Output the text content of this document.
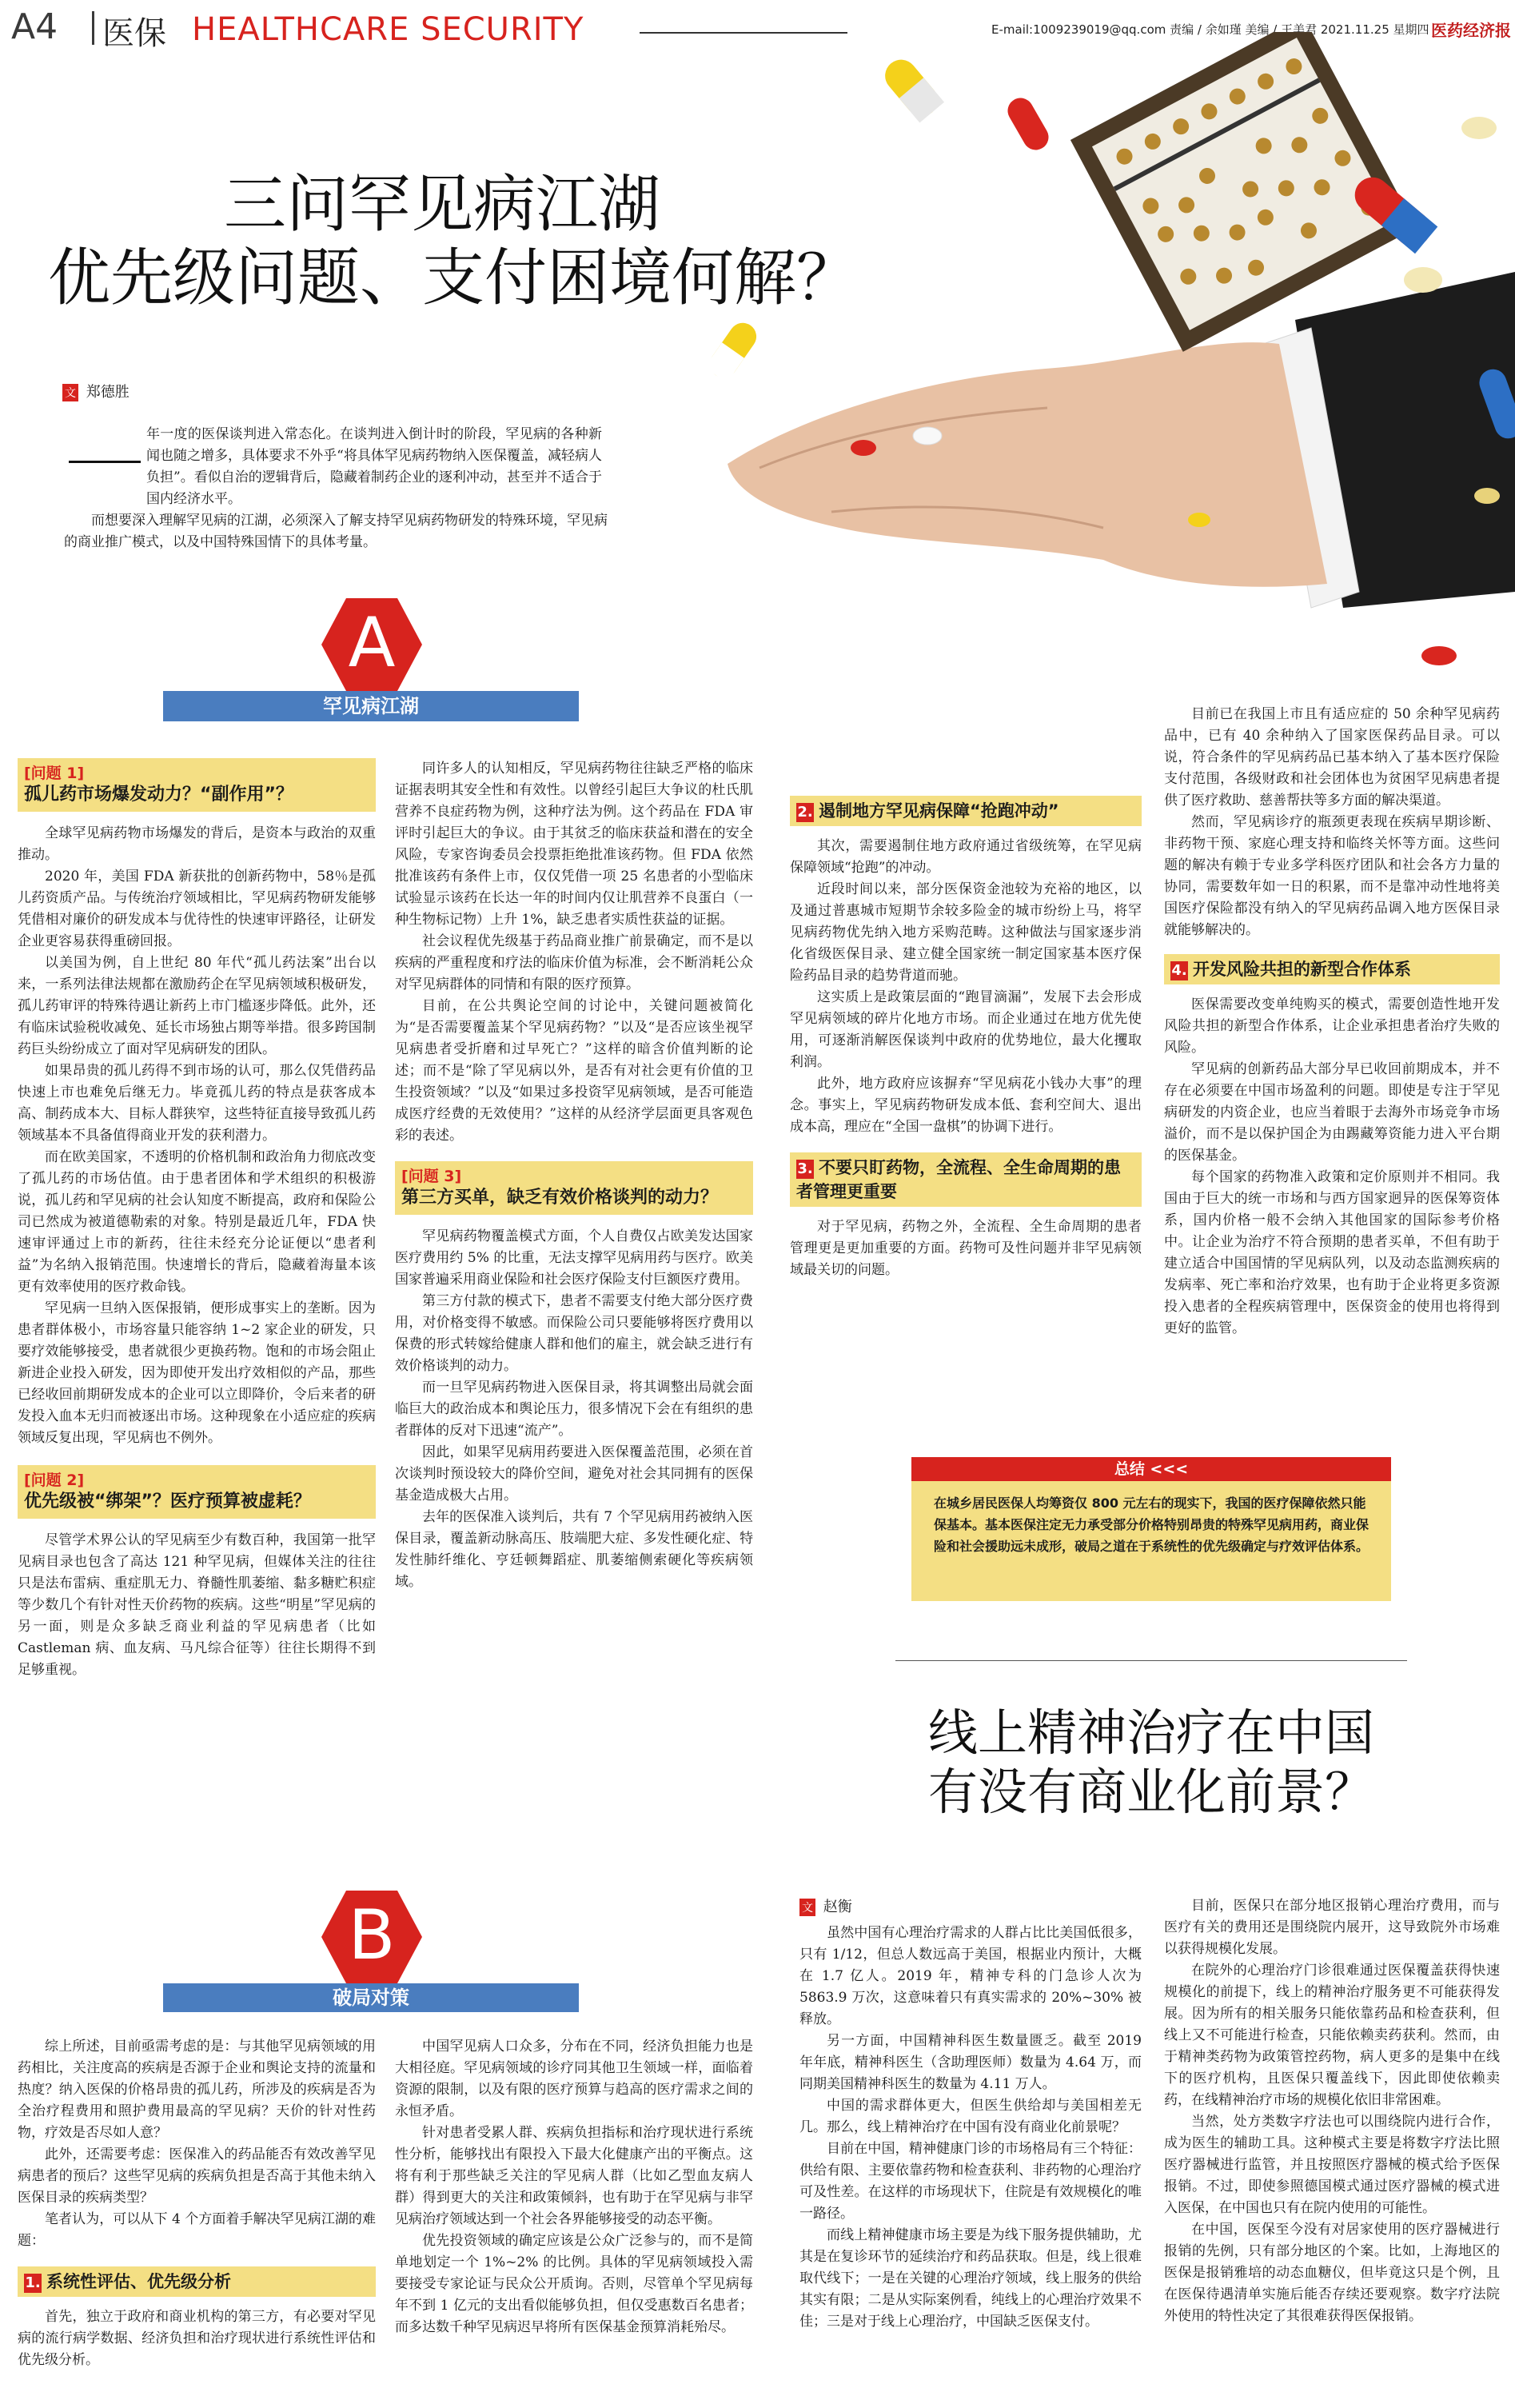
A4 医保 HEALTHCARE SECURITY	E-mail:1009239019@qq.com 责编 / 余如瑾 美编 / 王美君 2021.11.25 星期四 医药经济报
三问罕见病江湖
优先级问题、支付困境何解？
文 郑德胜

年一度的医保谈判进入常态化。在谈判进入倒计时的阶段，罕见病的各种新闻也随之增多，具体要求不外乎“将具体罕见病药物纳入医保覆盖，减轻病人负担”。看似自治的逻辑背后，隐藏着制药企业的逐利冲动，甚至并不适合于国内经济水平。

而想要深入理解罕见病的江湖，必须深入了解支持罕见病药物研发的特殊环境，罕见病的商业推广模式，以及中国特殊国情下的具体考量。

A
罕见病江湖
[问题 1]
孤儿药市场爆发动力？“副作用”？

全球罕见病药物市场爆发的背后，是资本与政治的双重推动。

2020 年，美国 FDA 新获批的创新药物中，58％是孤儿药资质产品。与传统治疗领域相比，罕见病药物研发能够凭借相对廉价的研发成本与优待性的快速审评路径，让研发企业更容易获得重磅回报。

以美国为例，自上世纪 80 年代“孤儿药法案”出台以来，一系列法律法规都在激励药企在罕见病领域积极研发，孤儿药审评的特殊待遇让新药上市门槛逐步降低。此外，还有临床试验税收减免、延长市场独占期等举措。很多跨国制药巨头纷纷成立了面对罕见病研发的团队。

如果昂贵的孤儿药得不到市场的认可，那么仅凭借药品快速上市也难免后继无力。毕竟孤儿药的特点是获客成本高、制药成本大、目标人群狭窄，这些特征直接导致孤儿药领域基本不具备值得商业开发的获利潜力。

而在欧美国家，不透明的价格机制和政治角力彻底改变了孤儿药的市场估值。由于患者团体和学术组织的积极游说，孤儿药和罕见病的社会认知度不断提高，政府和保险公司已然成为被道德勒索的对象。特别是最近几年，FDA 快速审评通过上市的新药，往往未经充分论证便以“患者利益”为名纳入报销范围。快速增长的背后，隐藏着海量本该更有效率使用的医疗救命钱。

罕见病一旦纳入医保报销，便形成事实上的垄断。因为患者群体极小，市场容量只能容纳 1~2 家企业的研发，只要疗效能够接受，患者就很少更换药物。饱和的市场会阻止新进企业投入研发，因为即使开发出疗效相似的产品，那些已经收回前期研发成本的企业可以立即降价，令后来者的研发投入血本无归而被逐出市场。这种现象在小适应症的疾病领域反复出现，罕见病也不例外。

[问题 2]
优先级被“绑架”？医疗预算被虚耗？

尽管学术界公认的罕见病至少有数百种，我国第一批罕见病目录也包含了高达 121 种罕见病，但媒体关注的往往只是法布雷病、重症肌无力、脊髓性肌萎缩、黏多糖贮积症等少数几个有针对性天价药物的疾病。这些“明星”罕见病的另一面，则是众多缺乏商业利益的罕见病患者（比如 Castleman 病、血友病、马凡综合征等）往往长期得不到足够重视。

同许多人的认知相反，罕见病药物往往缺乏严格的临床证据表明其安全性和有效性。以曾经引起巨大争议的杜氏肌营养不良症药物为例，这种疗法为例。这个药品在 FDA 审评时引起巨大的争议。由于其贫乏的临床获益和潜在的安全风险，专家咨询委员会投票拒绝批准该药物。但 FDA 依然批准该药有条件上市，仅仅凭借一项 25 名患者的小型临床试验显示该药在长达一年的时间内仅让肌营养不良蛋白（一种生物标记物）上升 1%，缺乏患者实质性获益的证据。

社会议程优先级基于药品商业推广前景确定，而不是以疾病的严重程度和疗法的临床价值为标准，会不断消耗公众对罕见病群体的同情和有限的医疗预算。

目前，在公共舆论空间的讨论中，关键问题被简化为“是否需要覆盖某个罕见病药物？”以及“是否应该坐视罕见病患者受折磨和过早死亡？”这样的暗含价值判断的论述；而不是“除了罕见病以外，是否有对社会更有价值的卫生投资领域？”以及“如果过多投资罕见病领域，是否可能造成医疗经费的无效使用？”这样的从经济学层面更具客观色彩的表述。

[问题 3]
第三方买单，缺乏有效价格谈判的动力？

罕见病药物覆盖模式方面，个人自费仅占欧美发达国家医疗费用约 5% 的比重，无法支撑罕见病用药与医疗。欧美国家普遍采用商业保险和社会医疗保险支付巨额医疗费用。

第三方付款的模式下，患者不需要支付绝大部分医疗费用，对价格变得不敏感。而保险公司只要能够将医疗费用以保费的形式转嫁给健康人群和他们的雇主，就会缺乏进行有效价格谈判的动力。

而一旦罕见病药物进入医保目录，将其调整出局就会面临巨大的政治成本和舆论压力，很多情况下会在有组织的患者群体的反对下迅速“流产”。

因此，如果罕见病用药要进入医保覆盖范围，必须在首次谈判时预设较大的降价空间，避免对社会其同拥有的医保基金造成极大占用。

去年的医保准入谈判后，共有 7 个罕见病用药被纳入医保目录，覆盖新动脉高压、肢端肥大症、多发性硬化症、特发性肺纤维化、亨廷顿舞蹈症、肌萎缩侧索硬化等疾病领域。

B
破局对策

综上所述，目前亟需考虑的是：与其他罕见病领域的用药相比，关注度高的疾病是否源于企业和舆论支持的流量和热度？纳入医保的价格昂贵的孤儿药，所涉及的疾病是否为全治疗程费用和照护费用最高的罕见病？天价的针对性药物，疗效是否尽如人意？

此外，还需要考虑：医保准入的药品能否有效改善罕见病患者的预后？这些罕见病的疾病负担是否高于其他未纳入医保目录的疾病类型？

笔者认为，可以从下 4 个方面着手解决罕见病江湖的难题：

1. 系统性评估、优先级分析

首先，独立于政府和商业机构的第三方，有必要对罕见病的流行病学数据、经济负担和治疗现状进行系统性评估和优先级分析。

中国罕见病人口众多，分布在不同，经济负担能力也是大相径庭。罕见病领域的诊疗同其他卫生领域一样，面临着资源的限制，以及有限的医疗预算与趋高的医疗需求之间的永恒矛盾。

针对患者受累人群、疾病负担指标和治疗现状进行系统性分析，能够找出有限投入下最大化健康产出的平衡点。这将有利于那些缺乏关注的罕见病人群（比如乙型血友病人群）得到更大的关注和政策倾斜，也有助于在罕见病与非罕见病治疗领域达到一个社会各界能够接受的动态平衡。

优先投资领域的确定应该是公众广泛参与的，而不是简单地划定一个 1%~2% 的比例。具体的罕见病领域投入需要接受专家论证与民众公开质询。否则，尽管单个罕见病每年不到 1 亿元的支出看似能够负担，但仅受惠数百名患者；而多达数千种罕见病迟早将所有医保基金预算消耗殆尽。

2. 遏制地方罕见病保障“抢跑冲动”

其次，需要遏制住地方政府通过省级统筹，在罕见病保障领域“抢跑”的冲动。

近段时间以来，部分医保资金池较为充裕的地区，以及通过普惠城市短期节余较多险金的城市纷纷上马，将罕见病药物优先纳入地方采购范畴。这种做法与国家逐步消化省级医保目录、建立健全国家统一制定国家基本医疗保险药品目录的趋势背道而驰。

这实质上是政策层面的“跑冒滴漏”，发展下去会形成罕见病领域的碎片化地方市场。而企业通过在地方优先使用，可逐渐消解医保谈判中政府的优势地位，最大化攫取利润。

此外，地方政府应该摒弃“罕见病花小钱办大事”的理念。事实上，罕见病药物研发成本低、套利空间大、退出成本高，理应在“全国一盘棋”的协调下进行。

3. 不要只盯药物，全流程、全生命周期的患者管理更重要

对于罕见病，药物之外，全流程、全生命周期的患者管理更是更加重要的方面。药物可及性问题并非罕见病领域最关切的问题。

目前已在我国上市且有适应症的 50 余种罕见病药品中，已有 40 余种纳入了国家医保药品目录。可以说，符合条件的罕见病药品已基本纳入了基本医疗保险支付范围，各级财政和社会团体也为贫困罕见病患者提供了医疗救助、慈善帮扶等多方面的解决渠道。

然而，罕见病诊疗的瓶颈更表现在疾病早期诊断、非药物干预、家庭心理支持和临终关怀等方面。这些问题的解决有赖于专业多学科医疗团队和社会各方力量的协同，需要数年如一日的积累，而不是靠冲动性地将美国医疗保险都没有纳入的罕见病药品调入地方医保目录就能够解决的。

4. 开发风险共担的新型合作体系

医保需要改变单纯购买的模式，需要创造性地开发风险共担的新型合作体系，让企业承担患者治疗失败的风险。

罕见病的创新药品大部分早已收回前期成本，并不存在必须要在中国市场盈利的问题。即使是专注于罕见病研发的内资企业，也应当着眼于去海外市场竞争市场溢价，而不是以保护国企为由踢藏筹资能力进入平台期的医保基金。

每个国家的药物准入政策和定价原则并不相同。我国由于巨大的统一市场和与西方国家迥异的医保筹资体系，国内价格一般不会纳入其他国家的国际参考价格中。让企业为治疗不符合预期的患者买单，不但有助于建立适合中国国情的罕见病队列，以及动态监测疾病的发病率、死亡率和治疗效果，也有助于企业将更多资源投入患者的全程疾病管理中，医保资金的使用也将得到更好的监管。

总结 <<<
在城乡居民医保人均筹资仅 800 元左右的现实下，我国的医疗保障依然只能保基本。基本医保注定无力承受部分价格特别昂贵的特殊罕见病用药，商业保险和社会援助远未成形，破局之道在于系统性的优先级确定与疗效评估体系。
线上精神治疗在中国
有没有商业化前景？
文 赵衡

虽然中国有心理治疗需求的人群占比比美国低很多，只有 1/12，但总人数远高于美国，根据业内预计，大概在 1.7 亿人。2019 年，精神专科的门急诊人次为 5863.9 万次，这意味着只有真实需求的 20%~30% 被释放。

另一方面，中国精神科医生数量匮乏。截至 2019 年年底，精神科医生（含助理医师）数量为 4.64 万，而同期美国精神科医生的数量为 4.11 万人。

中国的需求群体更大，但医生供给却与美国相差无几。那么，线上精神治疗在中国有没有商业化前景呢？

目前在中国，精神健康门诊的市场格局有三个特征：供给有限、主要依靠药物和检查获利、非药物的心理治疗可及性差。在这样的市场现状下，住院是有效规模化的唯一路径。

而线上精神健康市场主要是为线下服务提供辅助，尤其是在复诊环节的延续治疗和药品获取。但是，线上很难取代线下；一是在关键的心理治疗领域，线上服务的供给其实有限；二是从实际案例看，纯线上的心理治疗效果不佳；三是对于线上心理治疗，中国缺乏医保支付。

目前，医保只在部分地区报销心理治疗费用，而与医疗有关的费用还是围绕院内展开，这导致院外市场难以获得规模化发展。

在院外的心理治疗门诊很难通过医保覆盖获得快速规模化的前提下，线上的精神治疗服务更不可能获得发展。因为所有的相关服务只能依靠药品和检查获利，但线上又不可能进行检查，只能依赖卖药获利。然而，由于精神类药物为政策管控药物，病人更多的是集中在线下的医疗机构，且医保只覆盖线下，因此即使依赖卖药，在线精神治疗市场的规模化依旧非常困难。

当然，处方类数字疗法也可以围绕院内进行合作，成为医生的辅助工具。这种模式主要是将数字疗法比照医疗器械进行监管，并且按照医疗器械的模式给予医保报销。不过，即使参照德国模式通过医疗器械的模式进入医保，在中国也只有在院内使用的可能性。

在中国，医保至今没有对居家使用的医疗器械进行报销的先例，只有部分地区的个案。比如，上海地区的医保是报销雅培的动态血糖仪，但毕竟这只是个例，且在医保待遇清单实施后能否存续还要观察。数字疗法院外使用的特性决定了其很难获得医保报销。
